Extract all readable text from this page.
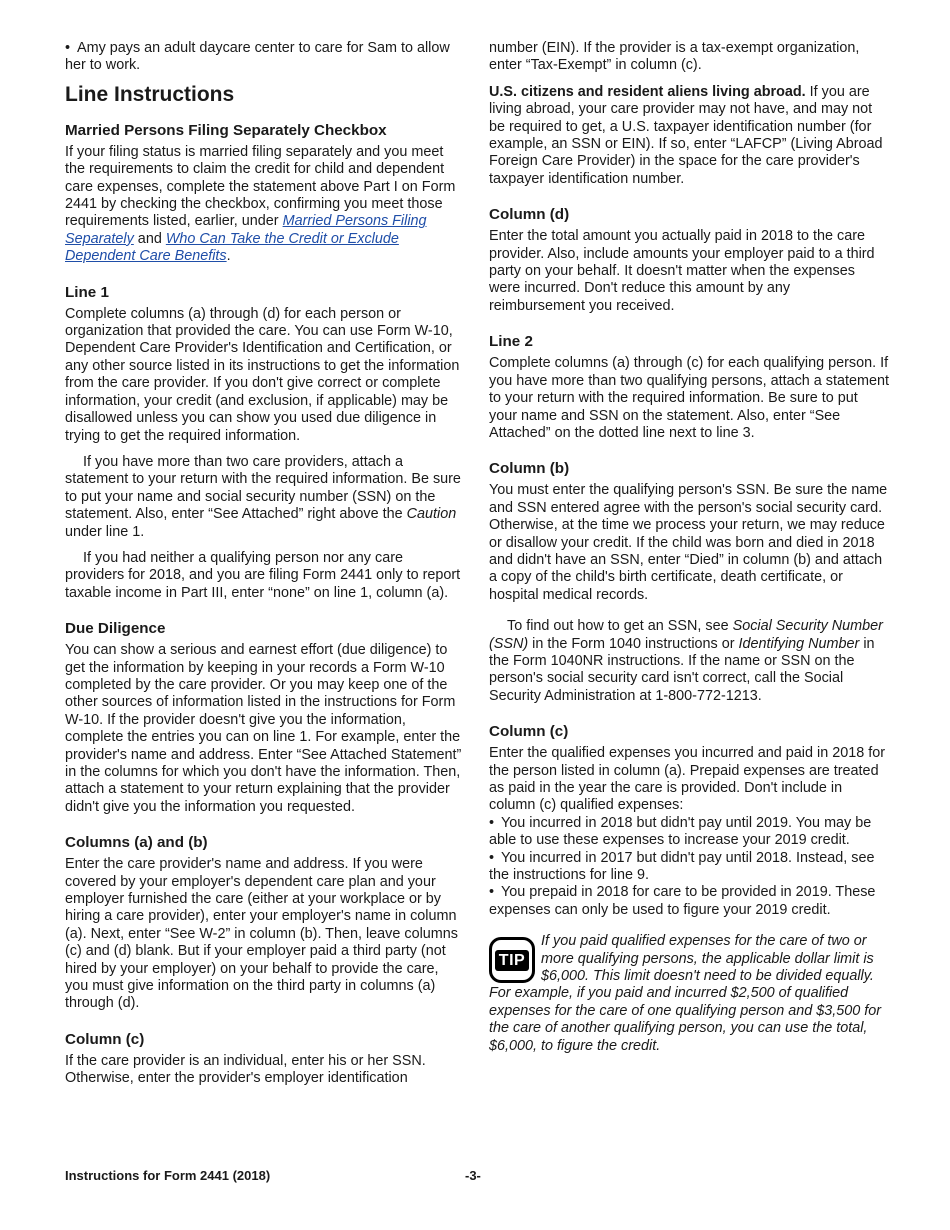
• Amy pays an adult daycare center to care for Sam to allow her to work.

Line Instructions
Married Persons Filing Separately Checkbox

If your filing status is married filing separately and you meet the requirements to claim the credit for child and dependent care expenses, complete the statement above Part I on Form 2441 by checking the checkbox, confirming you meet those requirements listed, earlier, under Married Persons Filing Separately and Who Can Take the Credit or Exclude Dependent Care Benefits.

Line 1

Complete columns (a) through (d) for each person or organization that provided the care. You can use Form W-10, Dependent Care Provider's Identification and Certification, or any other source listed in its instructions to get the information from the care provider. If you don't give correct or complete information, your credit (and exclusion, if applicable) may be disallowed unless you can show you used due diligence in trying to get the required information.

If you have more than two care providers, attach a statement to your return with the required information. Be sure to put your name and social security number (SSN) on the statement. Also, enter “See Attached” right above the Caution under line 1.

If you had neither a qualifying person nor any care providers for 2018, and you are filing Form 2441 only to report taxable income in Part III, enter “none” on line 1, column (a).

Due Diligence

You can show a serious and earnest effort (due diligence) to get the information by keeping in your records a Form W-10 completed by the care provider. Or you may keep one of the other sources of information listed in the instructions for Form W-10. If the provider doesn't give you the information, complete the entries you can on line 1. For example, enter the provider's name and address. Enter “See Attached Statement” in the columns for which you don't have the information. Then, attach a statement to your return explaining that the provider didn't give you the information you requested.

Columns (a) and (b)

Enter the care provider's name and address. If you were covered by your employer's dependent care plan and your employer furnished the care (either at your workplace or by hiring a care provider), enter your employer's name in column (a). Next, enter “See W-2” in column (b). Then, leave columns (c) and (d) blank. But if your employer paid a third party (not hired by your employer) on your behalf to provide the care, you must give information on the third party in columns (a) through (d).

Column (c)

If the care provider is an individual, enter his or her SSN. Otherwise, enter the provider's employer identification

number (EIN). If the provider is a tax-exempt organization, enter “Tax-Exempt” in column (c).

U.S. citizens and resident aliens living abroad. If you are living abroad, your care provider may not have, and may not be required to get, a U.S. taxpayer identification number (for example, an SSN or EIN). If so, enter “LAFCP” (Living Abroad Foreign Care Provider) in the space for the care provider's taxpayer identification number.

Column (d)

Enter the total amount you actually paid in 2018 to the care provider. Also, include amounts your employer paid to a third party on your behalf. It doesn't matter when the expenses were incurred. Don't reduce this amount by any reimbursement you received.

Line 2

Complete columns (a) through (c) for each qualifying person. If you have more than two qualifying persons, attach a statement to your return with the required information. Be sure to put your name and SSN on the statement. Also, enter “See Attached” on the dotted line next to line 3.

Column (b)

You must enter the qualifying person's SSN. Be sure the name and SSN entered agree with the person's social security card. Otherwise, at the time we process your return, we may reduce or disallow your credit. If the child was born and died in 2018 and didn't have an SSN, enter “Died” in column (b) and attach a copy of the child's birth certificate, death certificate, or hospital medical records.

To find out how to get an SSN, see Social Security Number (SSN) in the Form 1040 instructions or Identifying Number in the Form 1040NR instructions. If the name or SSN on the person's social security card isn't correct, call the Social Security Administration at 1-800-772-1213.

Column (c)

Enter the qualified expenses you incurred and paid in 2018 for the person listed in column (a). Prepaid expenses are treated as paid in the year the care is provided. Don't include in column (c) qualified expenses:

• You incurred in 2018 but didn't pay until 2019. You may be able to use these expenses to increase your 2019 credit.

• You incurred in 2017 but didn't pay until 2018. Instead, see the instructions for line 9.

• You prepaid in 2018 for care to be provided in 2019. These expenses can only be used to figure your 2019 credit.

TIP
If you paid qualified expenses for the care of two or more qualifying persons, the applicable dollar limit is $6,000. This limit doesn't need to be divided equally. For example, if you paid and incurred $2,500 of qualified expenses for the care of one qualifying person and $3,500 for the care of another qualifying person, you can use the total, $6,000, to figure the credit.
Instructions for Form 2441 (2018)	-3-
